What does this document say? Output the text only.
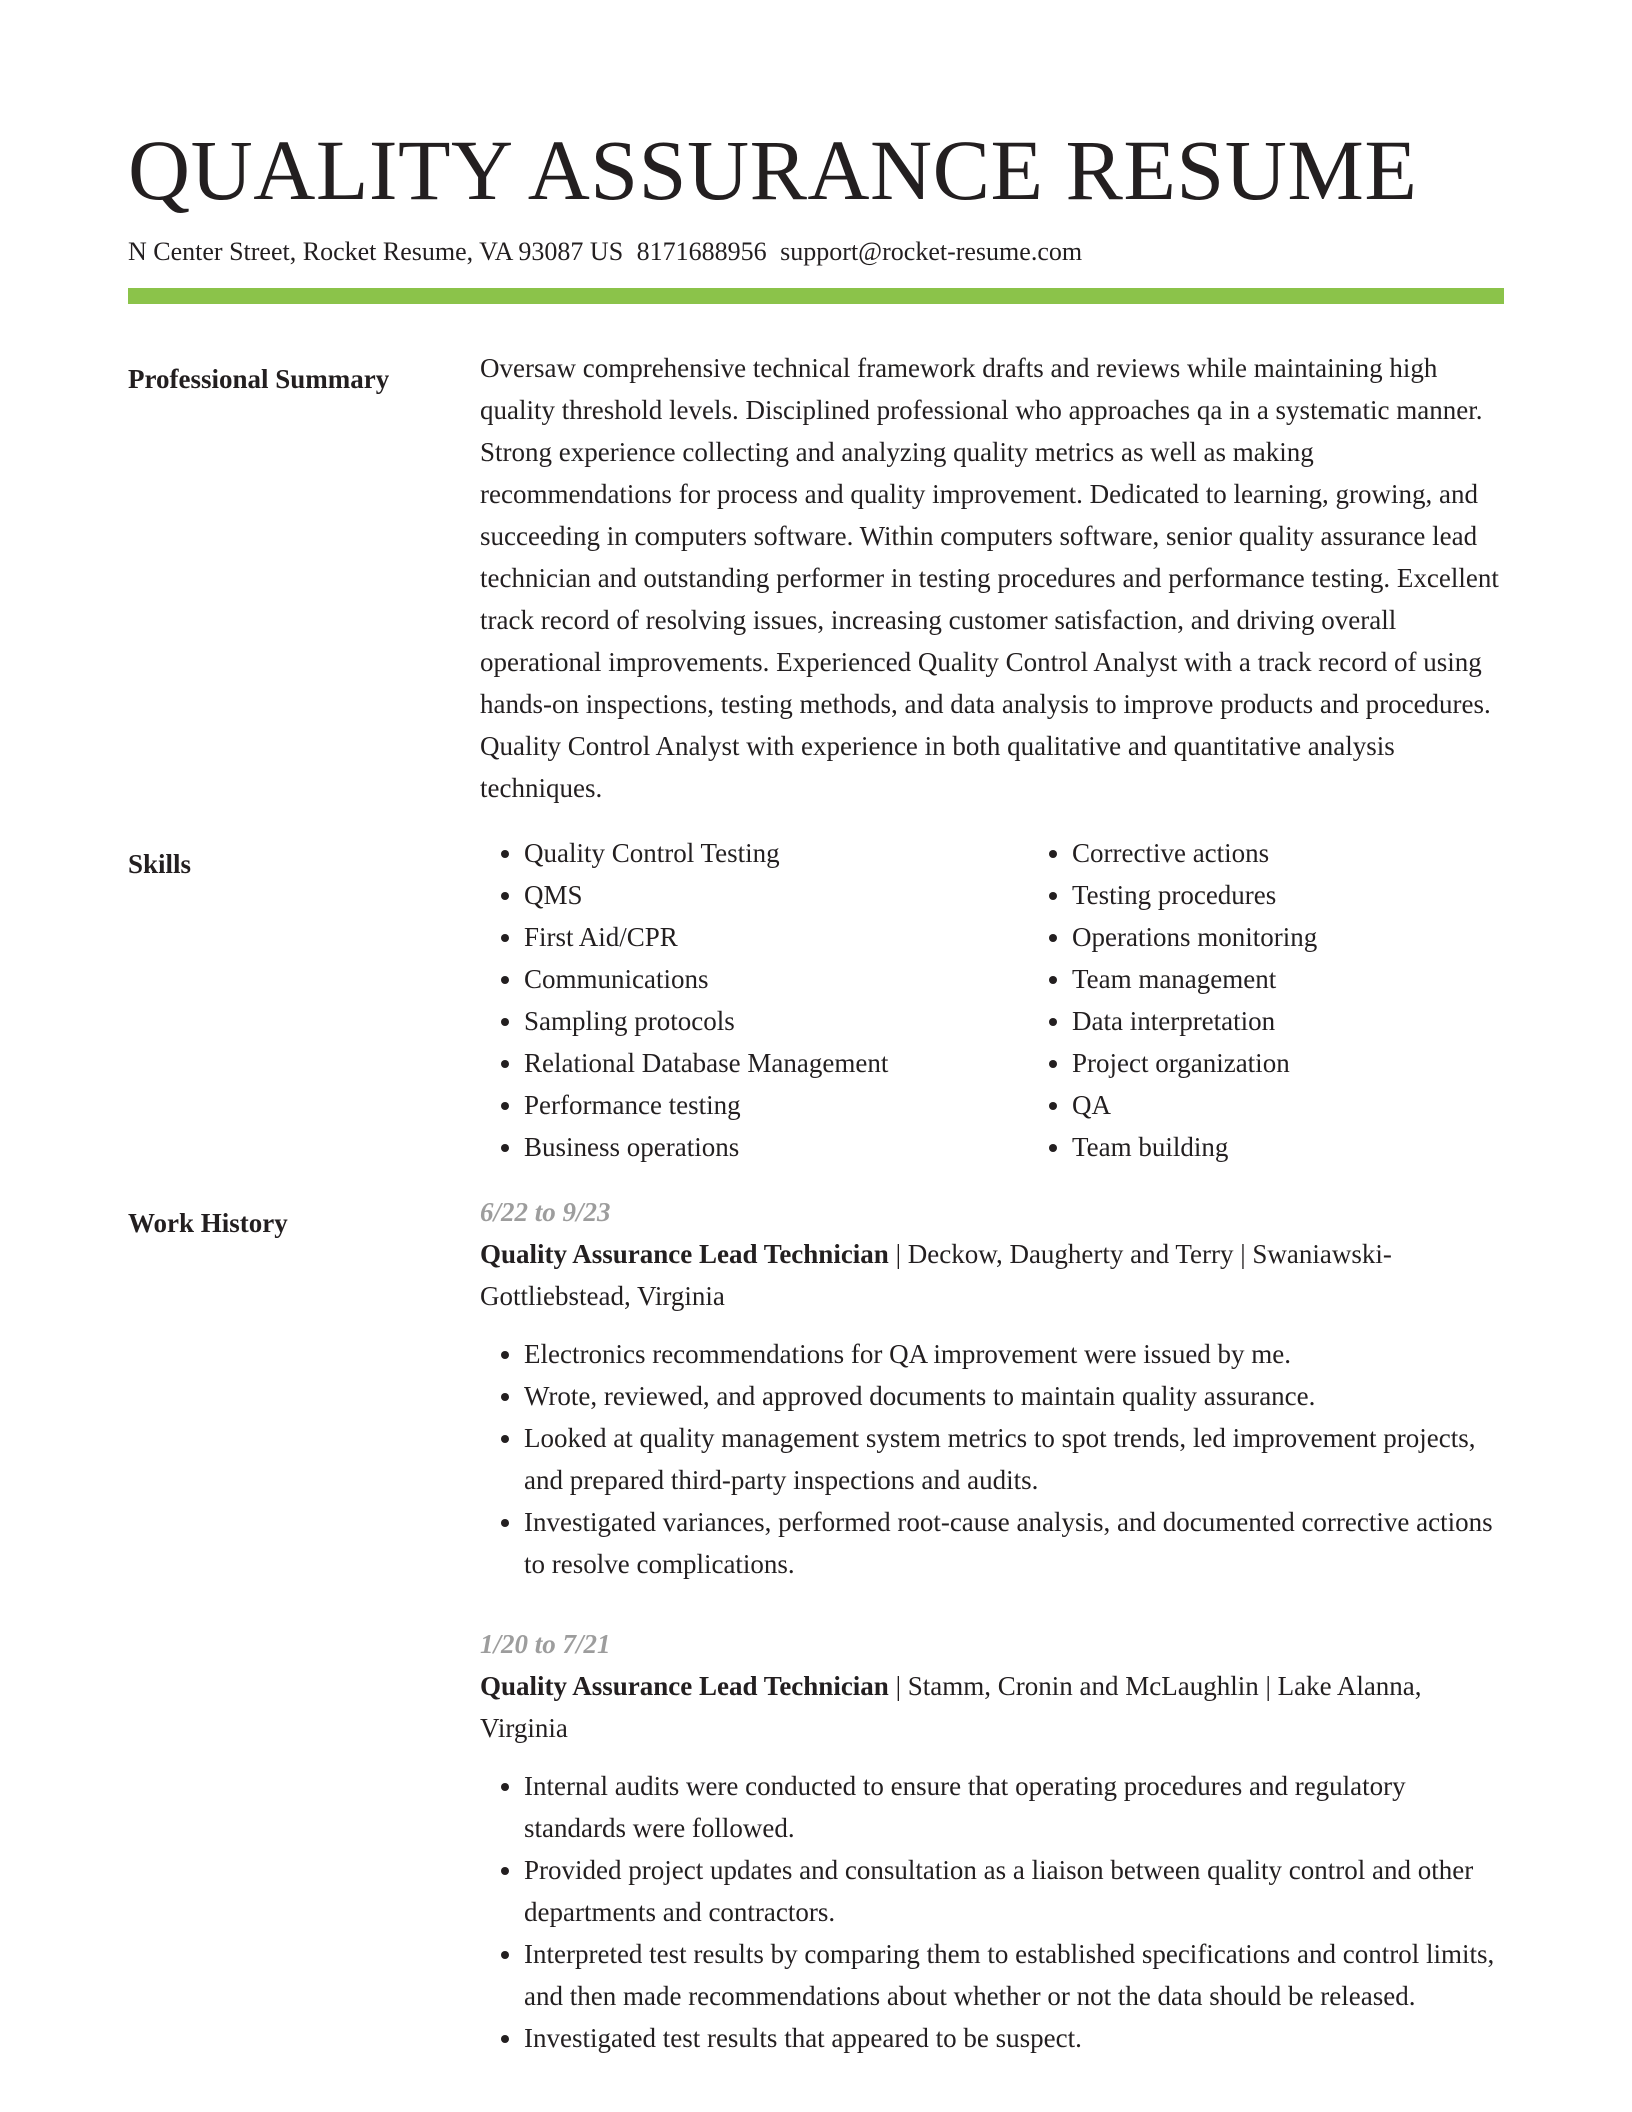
QUALITY ASSURANCE RESUME
N Center Street, Rocket Resume, VA 93087 US 8171688956 support@rocket-resume.com
Professional Summary	Oversaw comprehensive technical framework drafts and reviews while maintaining high quality threshold levels. Disciplined professional who approaches qa in a systematic manner. Strong experience collecting and analyzing quality metrics as well as making recommendations for process and quality improvement. Dedicated to learning, growing, and succeeding in computers software. Within computers software, senior quality assurance lead technician and outstanding performer in testing procedures and performance testing. Excellent track record of resolving issues, increasing customer satisfaction, and driving overall operational improvements. Experienced Quality Control Analyst with a track record of using hands-on inspections, testing methods, and data analysis to improve products and procedures. Quality Control Analyst with experience in both qualitative and quantitative analysis techniques.

Skills
•	Quality Control Testing
• QMS
• First Aid/CPR
• Communications
• Sampling protocols
• Relational Database Management
• Performance testing
• Business operations
• Corrective actions
• Testing procedures
• Operations monitoring
• Team management
• Data interpretation
• Project organization
• QA
• Team building
Work History	6/22 to 9/23
Quality Assurance Lead Technician | Deckow, Daugherty and Terry | Swaniawski-Gottliebstead, Virginia
• Electronics recommendations for QA improvement were issued by me.
• Wrote, reviewed, and approved documents to maintain quality assurance.
• Looked at quality management system metrics to spot trends, led improvement projects, and prepared third-party inspections and audits.
• Investigated variances, performed root-cause analysis, and documented corrective actions to resolve complications.
1/20 to 7/21
Quality Assurance Lead Technician | Stamm, Cronin and McLaughlin | Lake Alanna, Virginia
• Internal audits were conducted to ensure that operating procedures and regulatory standards were followed.
• Provided project updates and consultation as a liaison between quality control and other departments and contractors.
• Interpreted test results by comparing them to established specifications and control limits, and then made recommendations about whether or not the data should be released.
• Investigated test results that appeared to be suspect.
